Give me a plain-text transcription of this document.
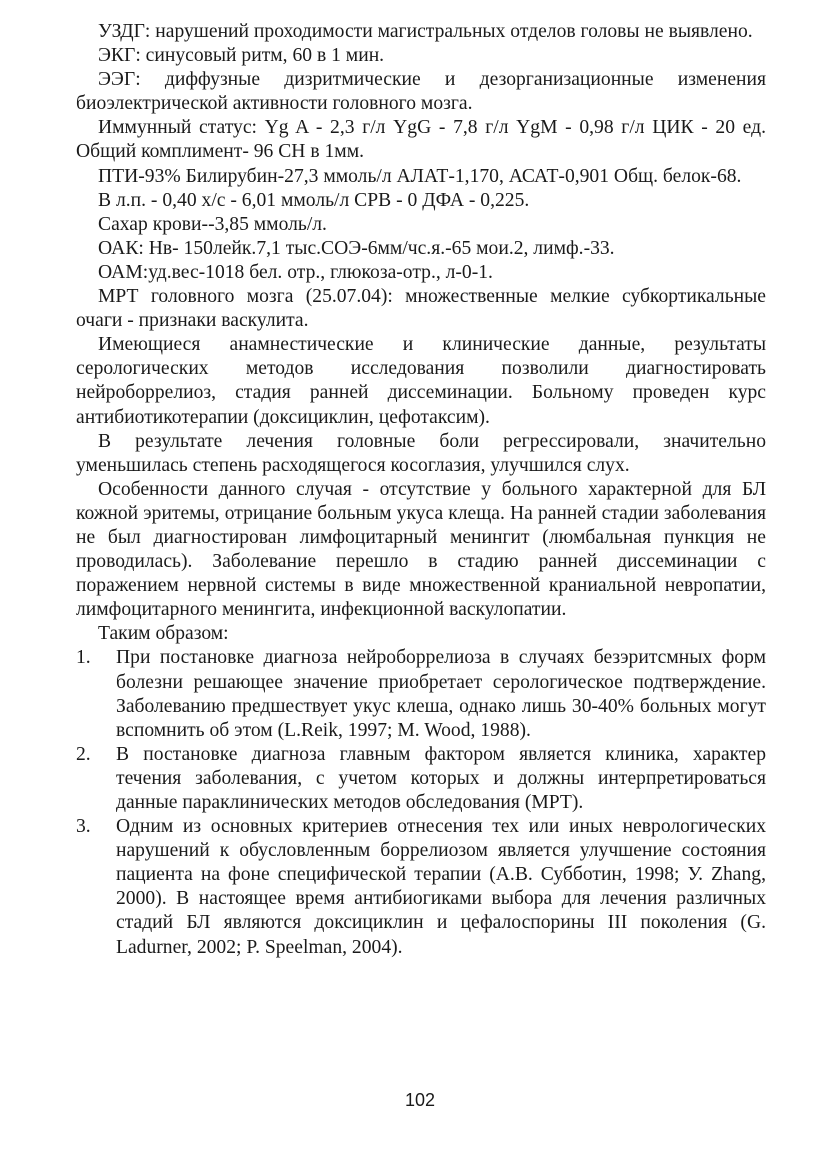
УЗДГ: нарушений проходимости магистральных отделов головы не выявлено.

ЭКГ: синусовый ритм, 60 в 1 мин.

ЭЭГ: диффузные дизритмические и дезорганизационные изменения биоэлектрической активности головного мозга.

Иммунный статус: Yg A - 2,3 г/л YgG - 7,8 г/л YgM - 0,98 г/л ЦИК - 20 ед. Общий комплимент- 96 СН в 1мм.

ПТИ-93% Билирубин-27,3 ммоль/л АЛАТ-1,170, АСАТ-0,901 Общ. белок-68.

В л.п. - 0,40 х/с - 6,01 ммоль/л СРВ - 0 ДФА - 0,225.

Сахар крови--3,85 ммоль/л.

ОАК: Нв- 150лейк.7,1 тыс.СОЭ-6мм/чс.я.-65 мои.2, лимф.-33.

ОАМ:уд.вес-1018 бел. отр., глюкоза-отр., л-0-1.

МРТ головного мозга (25.07.04): множественные мелкие субкортикальные очаги - признаки васкулита.

Имеющиеся анамнестические и клинические данные, результаты серологических методов исследования позволили диагностировать нейроборрелиоз, стадия ранней диссеминации. Больному проведен курс антибиотикотерапии (доксициклин, цефотаксим).

В результате лечения головные боли регрессировали, значительно уменьшилась степень расходящегося косоглазия, улучшился слух.

Особенности данного случая - отсутствие у больного характерной для БЛ кожной эритемы, отрицание больным укуса клеща. На ранней стадии заболевания не был диагностирован лимфоцитарный менингит (люмбальная пункция не проводилась). Заболевание перешло в стадию ранней диссеминации с поражением нервной системы в виде множественной краниальной невропатии, лимфоцитарного менингита, инфекционной васкулопатии.

Таким образом:

1. При постановке диагноза нейроборрелиоза в случаях безэритсмных форм болезни решающее значение приобретает серологическое подтверждение. Заболеванию предшествует укус клеша, однако лишь 30-40% больных могут вспомнить об этом (L.Reik, 1997; M. Wood, 1988).
2. В постановке диагноза главным фактором является клиника, характер течения заболевания, с учетом которых и должны интерпретироваться данные параклинических методов обследования (МРТ).
3. Одним из основных критериев отнесения тех или иных неврологических нарушений к обусловленным боррелиозом является улучшение состояния пациента на фоне специфической терапии (А.В. Субботин, 1998; У. Zhang, 2000). В настоящее время антибиогиками выбора для лечения различных стадий БЛ являются доксициклин и цефалоспорины III поколения (G. Ladurner, 2002; P. Speelman, 2004).
102
